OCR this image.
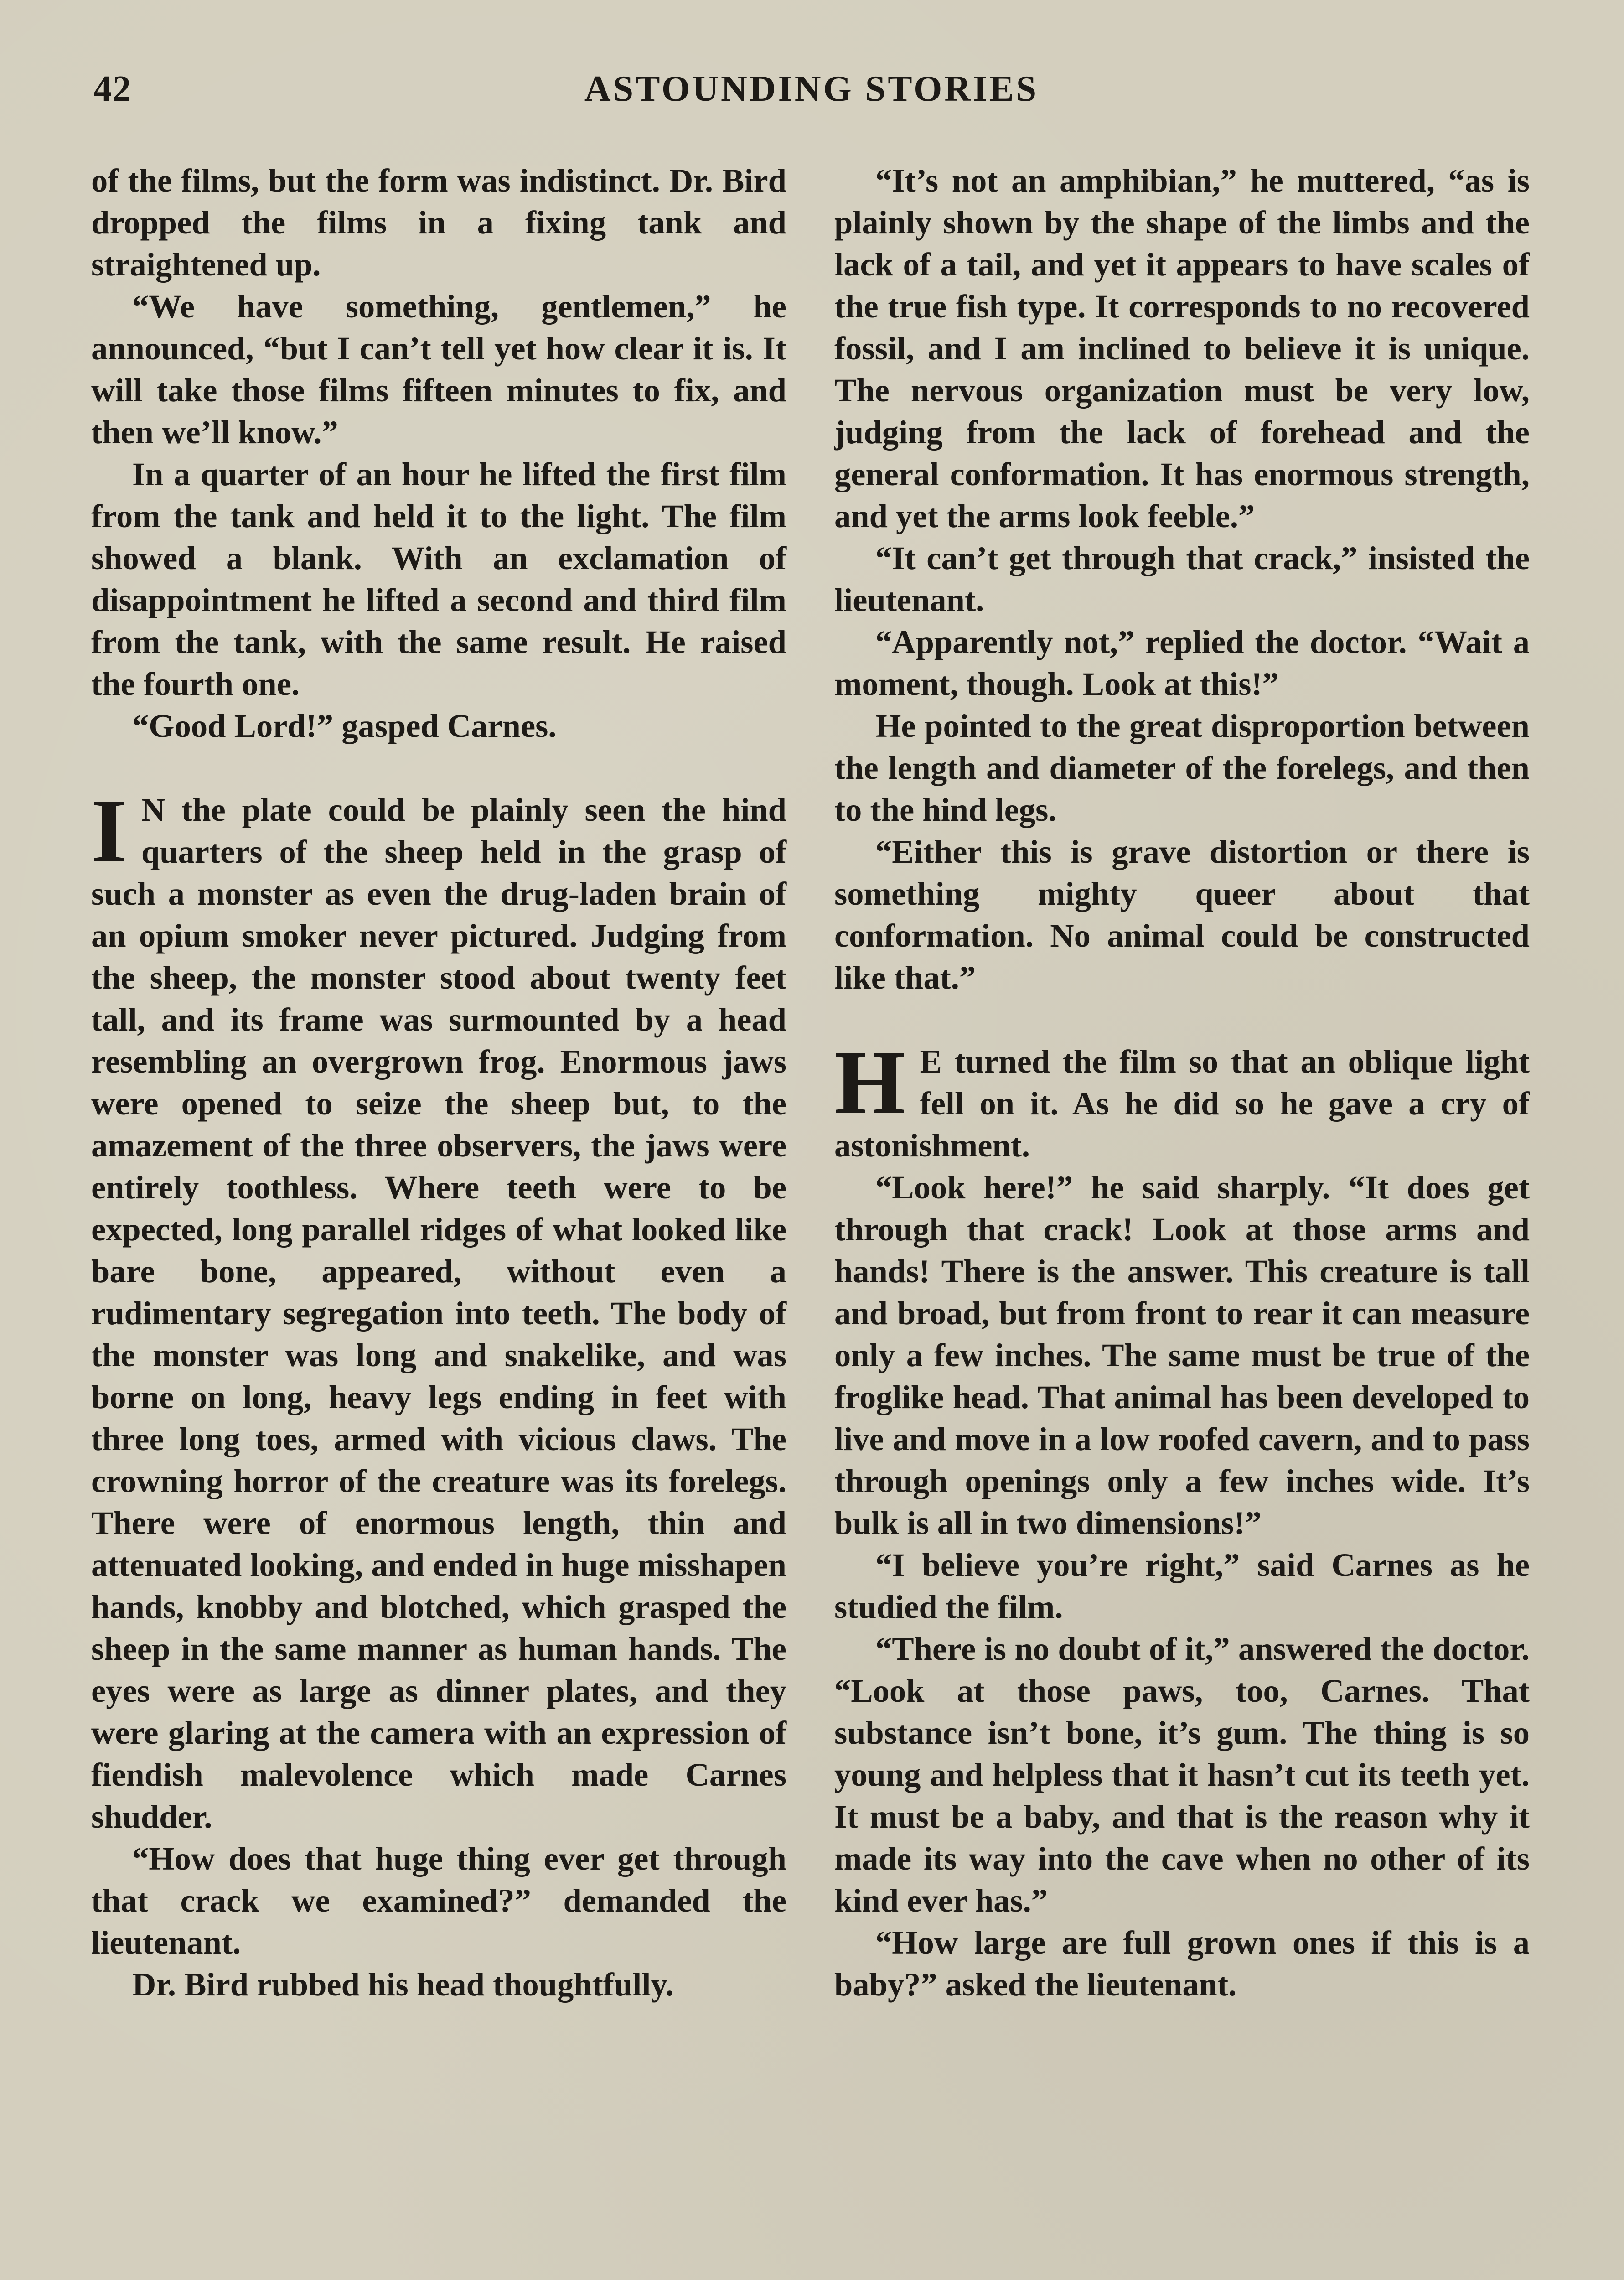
42	ASTOUNDING STORIES

of the films, but the form was indistinct. Dr. Bird dropped the films in a fixing tank and straightened up.

“We have something, gentlemen,” he announced, “but I can’t tell yet how clear it is. It will take those films fifteen minutes to fix, and then we’ll know.”

In a quarter of an hour he lifted the first film from the tank and held it to the light. The film showed a blank. With an exclamation of disappointment he lifted a second and third film from the tank, with the same result. He raised the fourth one.

“Good Lord!” gasped Carnes.

I N the plate could be plainly seen the hind quarters of the sheep held in the grasp of such a monster as even the drug-laden brain of an opium smoker never pictured. Judging from the sheep, the monster stood about twenty feet tall, and its frame was surmounted by a head resembling an overgrown frog. Enormous jaws were opened to seize the sheep but, to the amazement of the three observers, the jaws were entirely toothless. Where teeth were to be expected, long parallel ridges of what looked like bare bone, appeared, without even a rudimentary segregation into teeth. The body of the monster was long and snakelike, and was borne on long, heavy legs ending in feet with three long toes, armed with vicious claws. The crowning horror of the creature was its forelegs. There were of enormous length, thin and attenuated looking, and ended in huge misshapen hands, knobby and blotched, which grasped the sheep in the same manner as human hands. The eyes were as large as dinner plates, and they were glaring at the camera with an expression of fiendish malevolence which made Carnes shudder.

“How does that huge thing ever get through that crack we examined?” demanded the lieutenant.

Dr. Bird rubbed his head thoughtfully.

“It’s not an amphibian,” he muttered, “as is plainly shown by the shape of the limbs and the lack of a tail, and yet it appears to have scales of the true fish type. It corresponds to no recovered fossil, and I am inclined to believe it is unique. The nervous organization must be very low, judging from the lack of forehead and the general conformation. It has enormous strength, and yet the arms look feeble.”

“It can’t get through that crack,” insisted the lieutenant.

“Apparently not,” replied the doctor. “Wait a moment, though. Look at this!”

He pointed to the great disproportion between the length and diameter of the forelegs, and then to the hind legs.

“Either this is grave distortion or there is something mighty queer about that conformation. No animal could be constructed like that.”

H E turned the film so that an oblique light fell on it. As he did so he gave a cry of astonishment.

“Look here!” he said sharply. “It does get through that crack! Look at those arms and hands! There is the answer. This creature is tall and broad, but from front to rear it can measure only a few inches. The same must be true of the froglike head. That animal has been developed to live and move in a low roofed cavern, and to pass through openings only a few inches wide. It’s bulk is all in two dimensions!”

“I believe you’re right,” said Carnes as he studied the film.

“There is no doubt of it,” answered the doctor. “Look at those paws, too, Carnes. That substance isn’t bone, it’s gum. The thing is so young and helpless that it hasn’t cut its teeth yet. It must be a baby, and that is the reason why it made its way into the cave when no other of its kind ever has.”

“How large are full grown ones if this is a baby?” asked the lieutenant.
